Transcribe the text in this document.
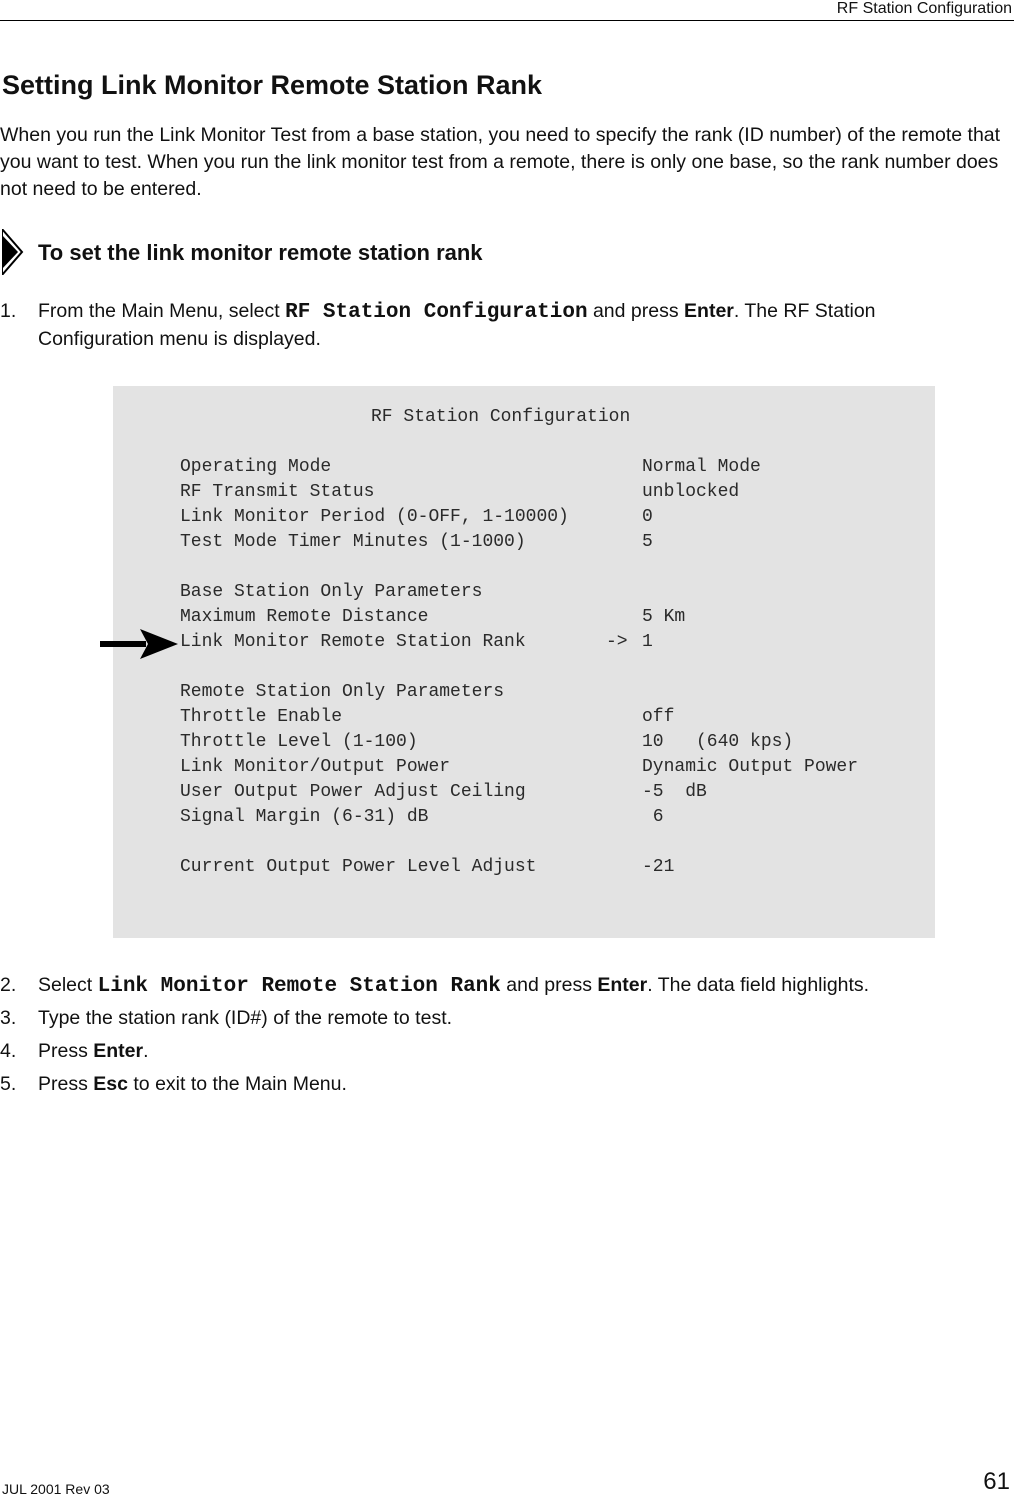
RF Station Configuration
Setting Link Monitor Remote Station Rank
When you run the Link Monitor Test from a base station, you need to specify the rank (ID number) of the remote that you want to test. When you run the link monitor test from a remote, there is only one base, so the rank number does not need to be entered.
To set the link monitor remote station rank
1. From the Main Menu, select RF Station Configuration and press Enter. The RF Station Configuration menu is displayed.
RF Station Configuration
Operating Mode	Normal Mode
RF Transmit Status	unblocked
Link Monitor Period (0-OFF, 1-10000)	0
Test Mode Timer Minutes (1-1000)	5
Base Station Only Parameters
Maximum Remote Distance	5 Km
Link Monitor Remote Station Rank	-> 1
Remote Station Only Parameters
Throttle Enable	off
Throttle Level (1-100)	10   (640 kps)
Link Monitor/Output Power	Dynamic Output Power
User Output Power Adjust Ceiling	-5  dB
Signal Margin (6-31) dB	6
Current Output Power Level Adjust	-21
2. Select Link Monitor Remote Station Rank and press Enter. The data field highlights.
3. Type the station rank (ID#) of the remote to test.
4. Press Enter.
5. Press Esc to exit to the Main Menu.
JUL 2001 Rev 03	61
